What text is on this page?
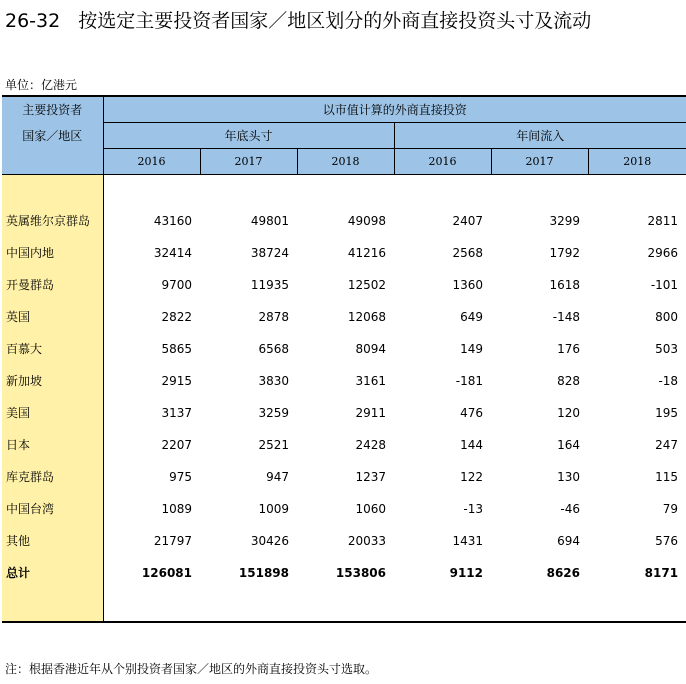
26-32 按选定主要投资者国家／地区划分的外商直接投资头寸及流动
单位：亿港元
主要投资者
国家／地区	以市值计算的外商直接投资					
	年底头寸			年间流入		
	2016	2017	2018	2016	2017	2018

英属维尔京群岛	43160	49801	49098	2407	3299	2811
中国内地	32414	38724	41216	2568	1792	2966
开曼群岛	9700	11935	12502	1360	1618	-101
英国	2822	2878	12068	649	-148	800
百慕大	5865	6568	8094	149	176	503
新加坡	2915	3830	3161	-181	828	-18
美国	3137	3259	2911	476	120	195
日本	2207	2521	2428	144	164	247
库克群岛	975	947	1237	122	130	115
中国台湾	1089	1009	1060	-13	-46	79
其他	21797	30426	20033	1431	694	576
总计	126081	151898	153806	9112	8626	8171

注：根据香港近年从个别投资者国家／地区的外商直接投资头寸选取。
